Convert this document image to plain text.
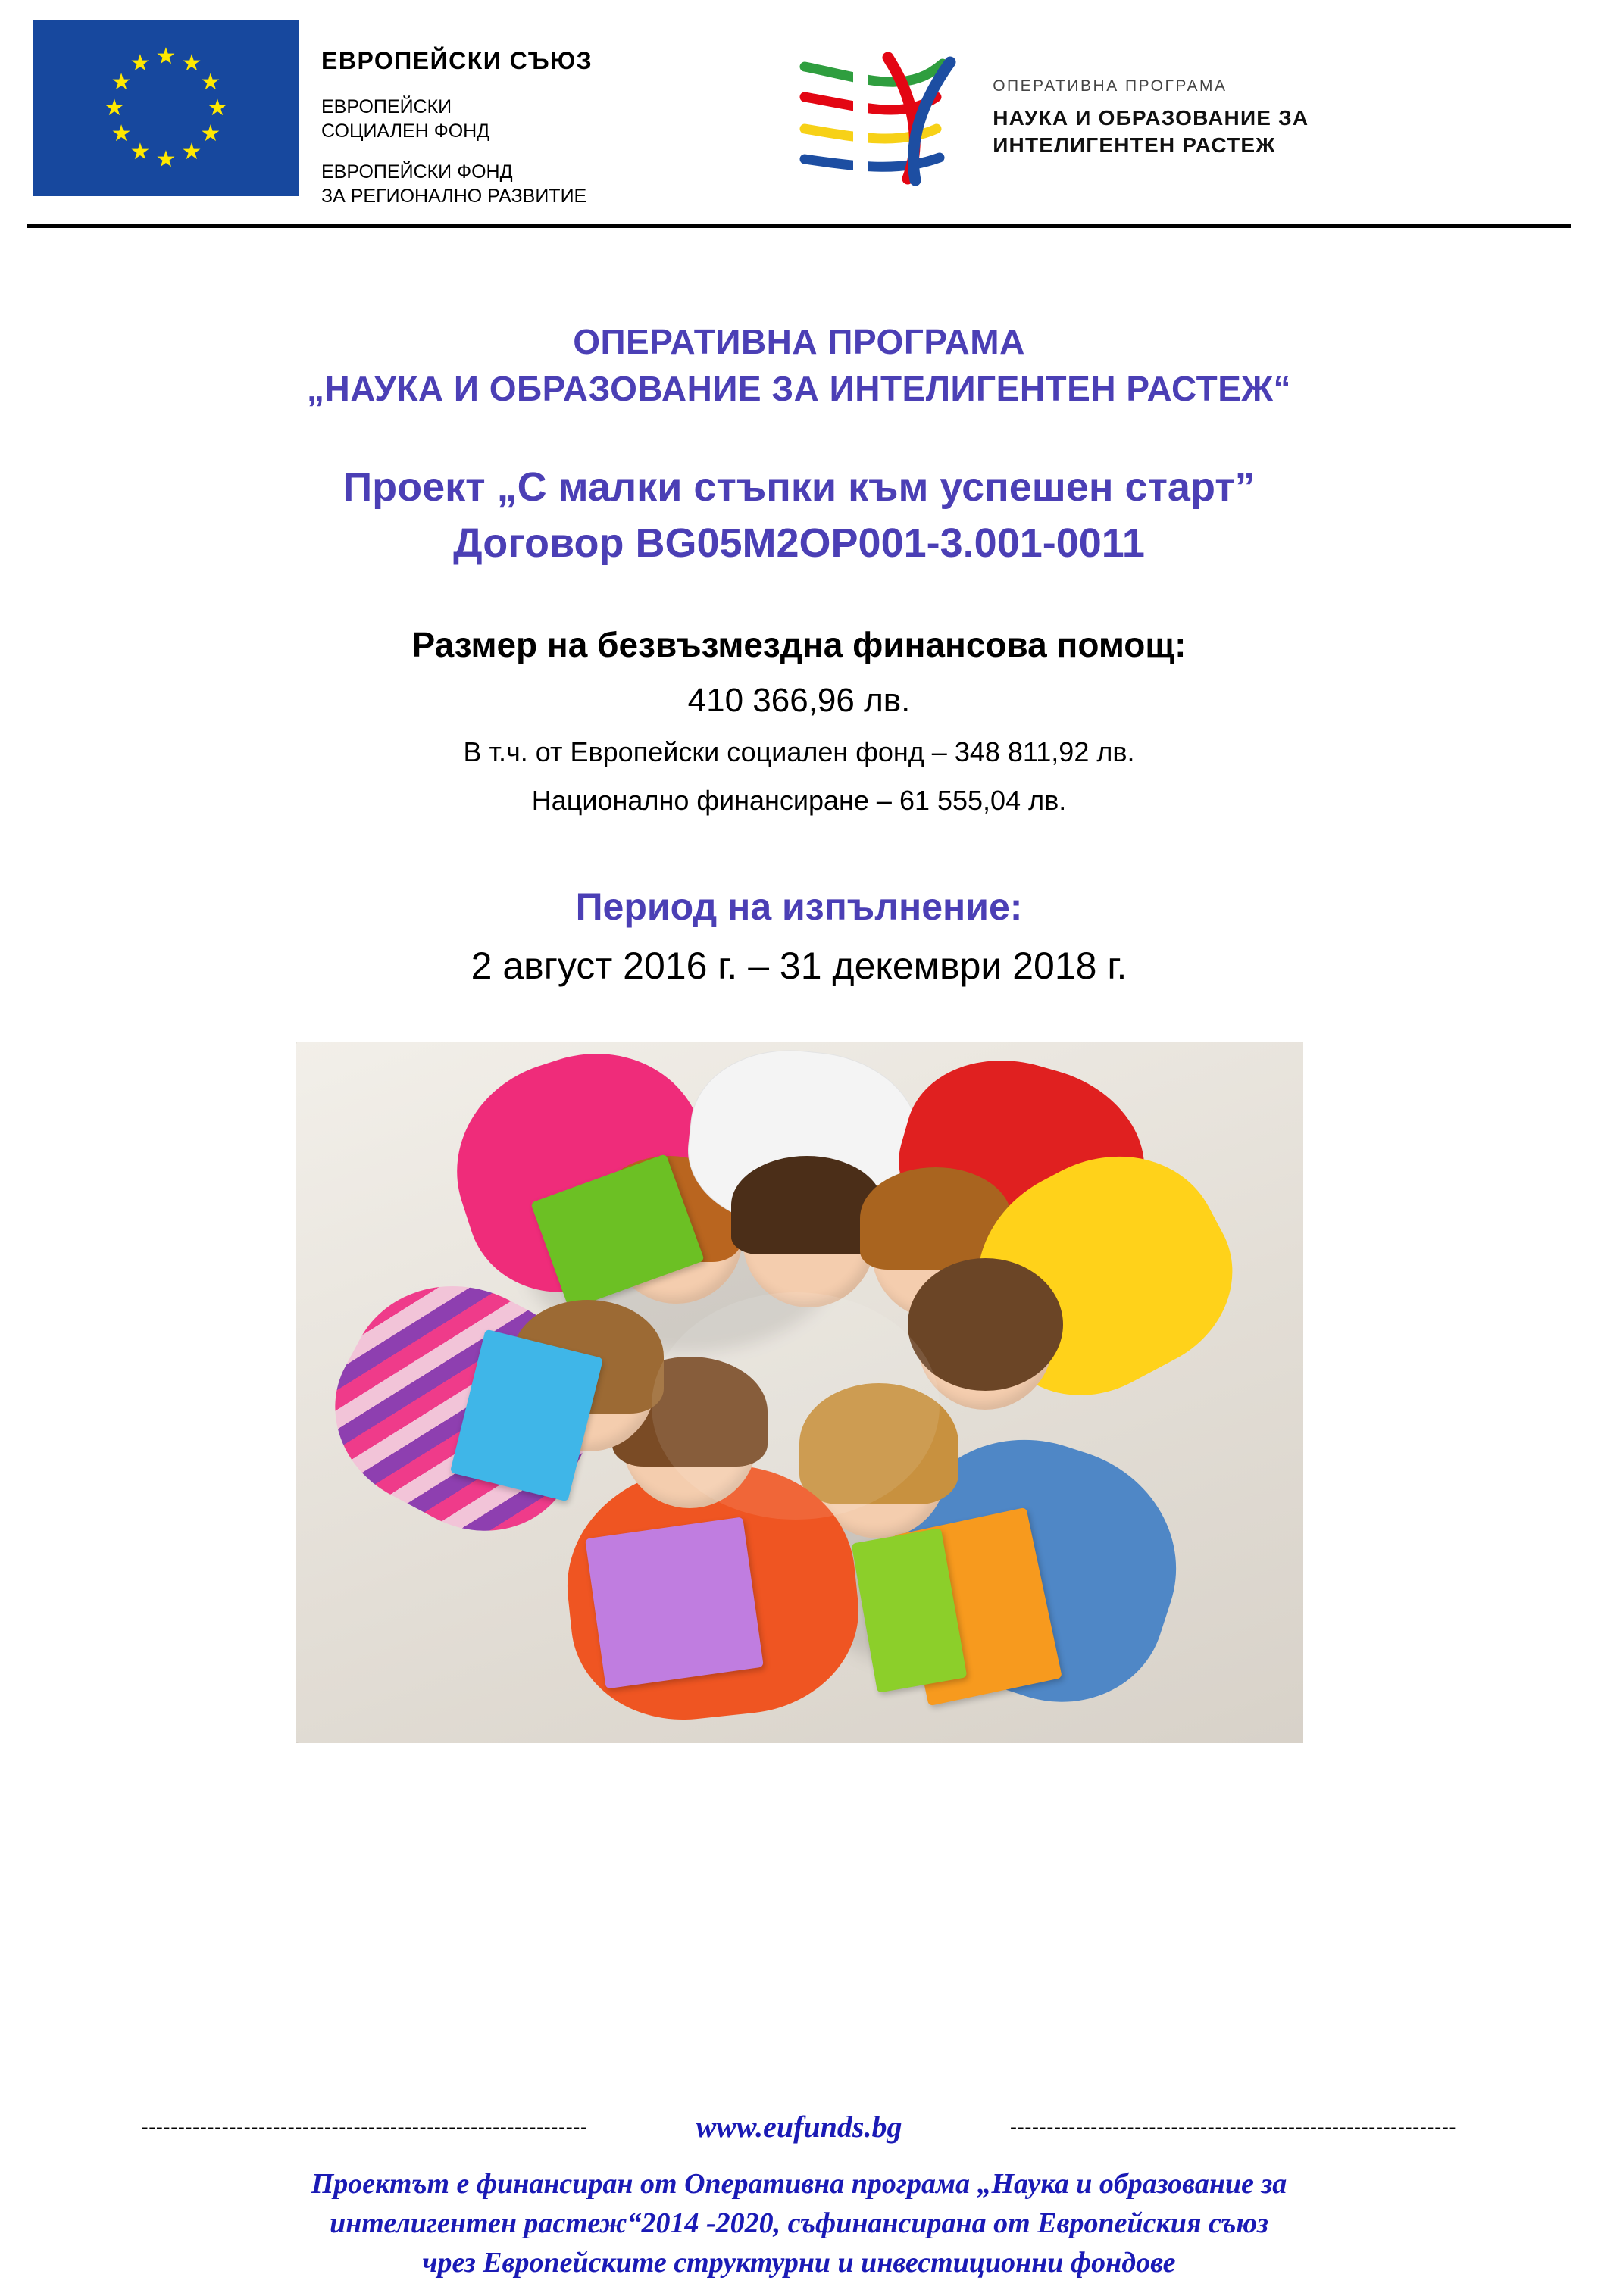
★ ★
★
★
★
★
★
★
★
★
★
★	ЕВРОПЕЙСКИ СЪЮЗ
ЕВРОПЕЙСКИ
СОЦИАЛЕН ФОНД
ЕВРОПЕЙСКИ ФОНД
ЗА РЕГИОНАЛНО РАЗВИТИЕ
ОПЕРАТИВНА ПРОГРАМА
НАУКА И ОБРАЗОВАНИЕ ЗА
ИНТЕЛИГЕНТЕН РАСТЕЖ
ОПЕРАТИВНА ПРОГРАМА
„НАУКА И ОБРАЗОВАНИЕ ЗА ИНТЕЛИГЕНТЕН РАСТЕЖ“
Проект „С малки стъпки към успешен старт”
Договор BG05M2OP001-3.001-0011
Размер на безвъзмездна финансова помощ:
410 366,96 лв.
В т.ч. от Европейски социален фонд – 348 811,92 лв.
Национално финансиране – 61 555,04 лв.
Период на изпълнение:
2 август 2016 г. – 31 декември 2018 г.
-------------------------------------------------------------	www.eufunds.bg	-------------------------------------------------------------
Проектът е финансиран от Оперативна програма „Наука и образование за
интелигентен растеж“2014 -2020, съфинансирана от Европейския съюз
чрез Европейските структурни и инвестиционни фондове
